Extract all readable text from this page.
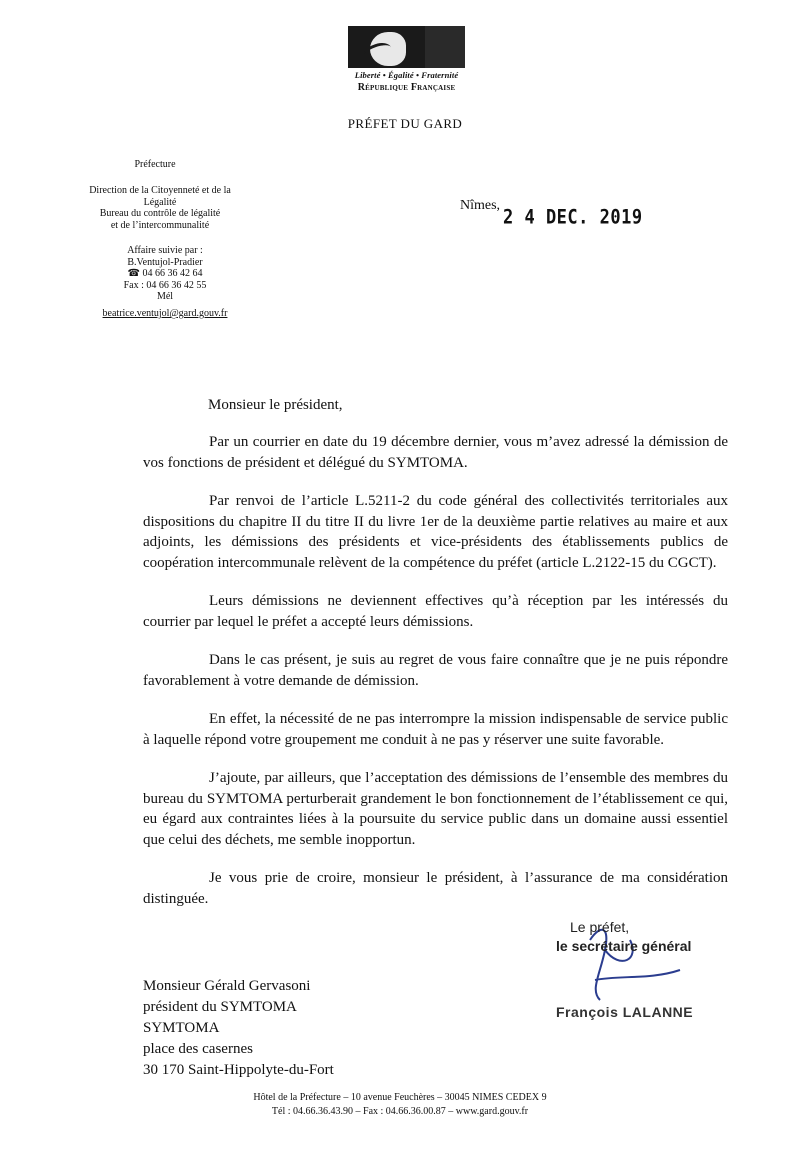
Liberté • Égalité • Fraternité
République Française
PRÉFET DU GARD
Préfecture
Direction de la Citoyenneté et de la
Légalité
Bureau du contrôle de légalité
et de l’intercommunalité
Affaire suivie par :
B.Ventujol-Pradier
☎ 04 66 36 42 64
Fax : 04 66 36 42 55
Mél
beatrice.ventujol@gard.gouv.fr
Nîmes,
2 4 DEC. 2019
Monsieur le président,

Par un courrier en date du 19 décembre dernier, vous m’avez adressé la démission de vos fonctions de président et délégué du SYMTOMA.

Par renvoi de l’article L.5211-2 du code général des collectivités territoriales aux dispositions du chapitre II du titre II du livre 1er de la deuxième partie relatives au maire et aux adjoints, les démissions des présidents et vice-présidents des établissements publics de coopération intercommunale relèvent de la compétence du préfet (article L.2122-15 du CGCT).

Leurs démissions ne deviennent effectives qu’à réception par les intéressés du courrier par lequel le préfet a accepté leurs démissions.

Dans le cas présent, je suis au regret de vous faire connaître que je ne puis répondre favorablement à votre demande de démission.

En effet, la nécessité de ne pas interrompre la mission indispensable de service public à laquelle répond votre groupement me conduit à ne pas y réserver une suite favorable.

J’ajoute, par ailleurs, que l’acceptation des démissions de l’ensemble des membres du bureau du SYMTOMA perturberait grandement le bon fonctionnement de l’établissement ce qui, eu égard aux contraintes liées à la poursuite du service public dans un domaine aussi essentiel que celui des déchets, me semble inopportun.

Je vous prie de croire, monsieur le président, à l’assurance de ma considération distinguée.

Le préfet,
le secrétaire général
François LALANNE
Monsieur Gérald Gervasoni
président du SYMTOMA
SYMTOMA
place des casernes
30 170 Saint-Hippolyte-du-Fort
Hôtel de la Préfecture – 10 avenue Feuchères – 30045 NIMES CEDEX 9
Tél : 04.66.36.43.90 – Fax : 04.66.36.00.87 – www.gard.gouv.fr
